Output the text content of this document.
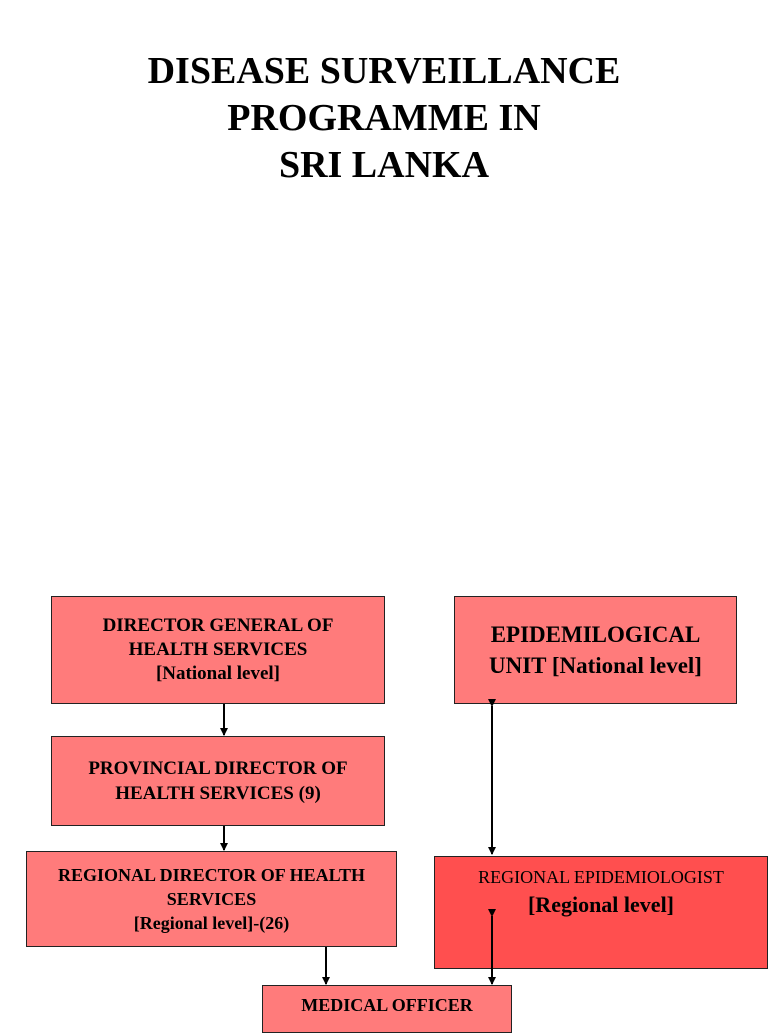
DISEASE SURVEILLANCE
PROGRAMME IN
SRI LANKA
DIRECTOR GENERAL OF
HEALTH SERVICES
[National level]
EPIDEMILOGICAL
UNIT [National level]
PROVINCIAL DIRECTOR OF
HEALTH SERVICES (9)
REGIONAL DIRECTOR OF HEALTH
SERVICES
[Regional level]-(26)
REGIONAL EPIDEMIOLOGIST
[Regional level]
MEDICAL OFFICER
